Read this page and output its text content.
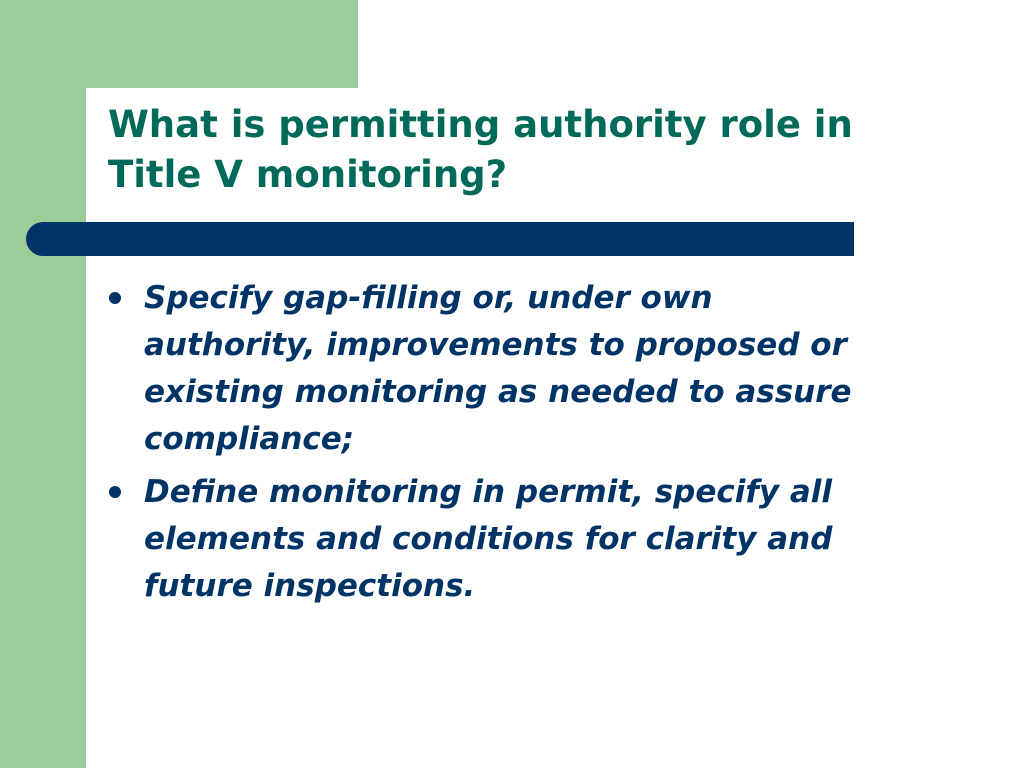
What is permitting authority role in
Title V monitoring?
Specify gap-filling or, under own
authority, improvements to proposed or
existing monitoring as needed to assure
compliance;
Define monitoring in permit, specify all
elements and conditions for clarity and
future inspections.
